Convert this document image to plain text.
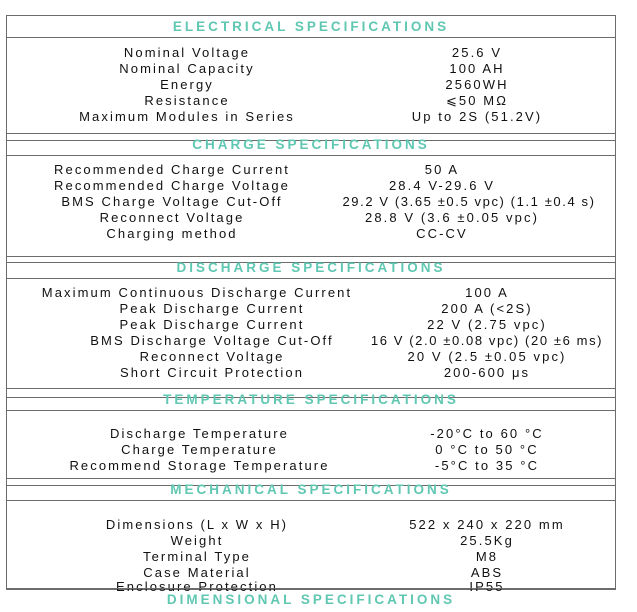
ELECTRICAL SPECIFICATIONS
Nominal Voltage	25.6 V
Nominal Capacity	100 AH
Energy	2560WH
Resistance	⩽50 MΩ
Maximum Modules in Series	Up to 2S (51.2V)
CHARGE SPECIFICATIONS
Recommended Charge Current	50 A
Recommended Charge Voltage	28.4 V-29.6 V
BMS Charge Voltage Cut-Off	29.2 V (3.65 ±0.5 vpc) (1.1 ±0.4 s)
Reconnect Voltage	28.8 V (3.6 ±0.05 vpc)
Charging method	CC-CV
DISCHARGE SPECIFICATIONS
Maximum Continuous Discharge Current	100 A
Peak Discharge Current	200 A (<2S)
Peak Discharge Current	22 V (2.75 vpc)
BMS Discharge Voltage Cut-Off	16 V (2.0 ±0.08 vpc) (20 ±6 ms)
Reconnect Voltage	20 V (2.5 ±0.05 vpc)
Short Circuit Protection	200-600 μs
TEMPERATURE SPECIFICATIONS
Discharge Temperature	-20°C to 60 °C
Charge Temperature	0 °C to 50 °C
Recommend Storage Temperature	-5°C to 35 °C
MECHANICAL SPECIFICATIONS
Dimensions (L x W x H)	522 x 240 x 220 mm
Weight	25.5Kg
Terminal Type	M8
Case Material	ABS
Enclosure Protection	IP55
DIMENSIONAL SPECIFICATIONS
